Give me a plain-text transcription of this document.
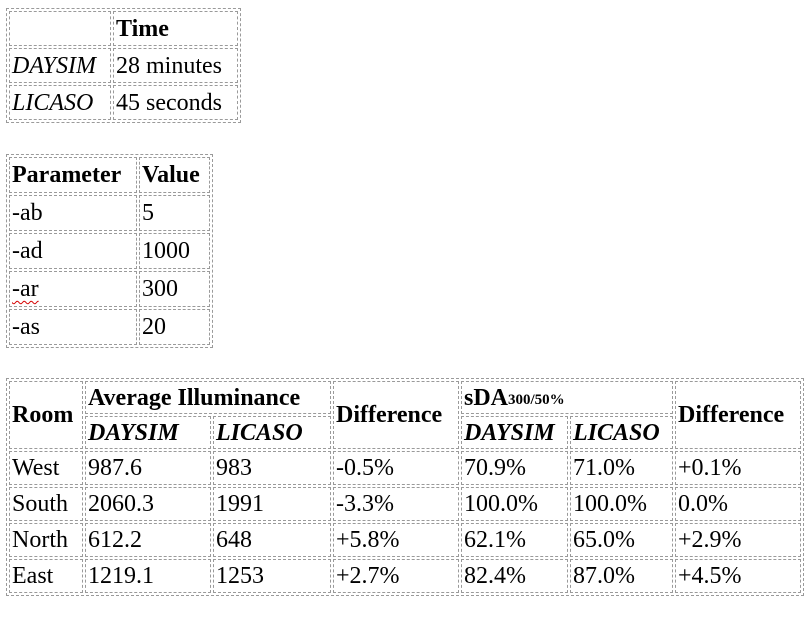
	Time
DAYSIM	28 minutes
LICASO	45 seconds
Parameter	Value
-ab	5
-ad	1000
-ar	300
-as	20
Room	Average Illuminance		Difference	sDA$_{300/50\%}$		Difference
	DAYSIM	LICASO		DAYSIM	LICASO	
West	987.6	983	-0.5%	70.9%	71.0%	+0.1%
South	2060.3	1991	-3.3%	100.0%	100.0%	0.0%
North	612.2	648	+5.8%	62.1%	65.0%	+2.9%
East	1219.1	1253	+2.7%	82.4%	87.0%	+4.5%
